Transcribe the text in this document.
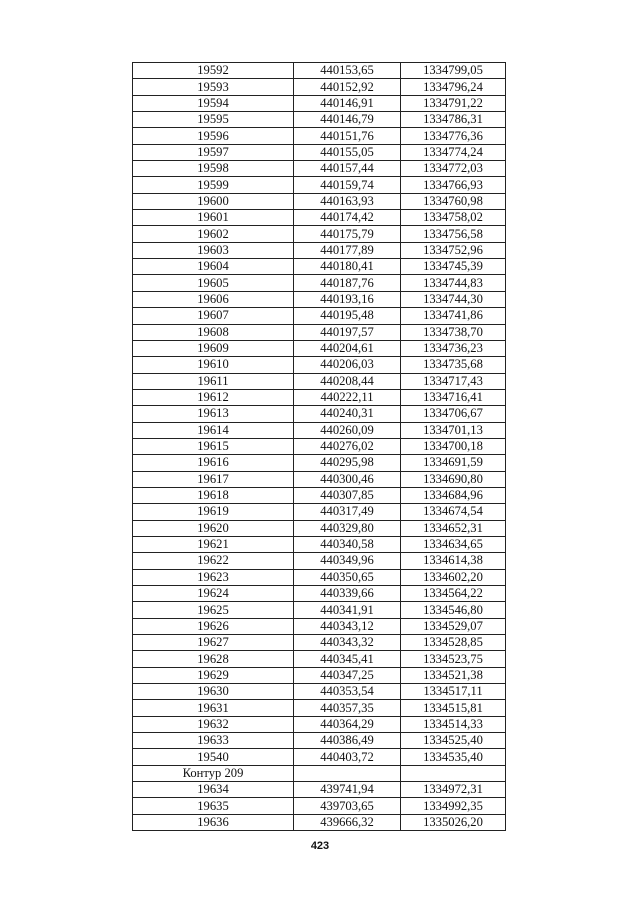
19592	440153,65	1334799,05
19593	440152,92	1334796,24
19594	440146,91	1334791,22
19595	440146,79	1334786,31
19596	440151,76	1334776,36
19597	440155,05	1334774,24
19598	440157,44	1334772,03
19599	440159,74	1334766,93
19600	440163,93	1334760,98
19601	440174,42	1334758,02
19602	440175,79	1334756,58
19603	440177,89	1334752,96
19604	440180,41	1334745,39
19605	440187,76	1334744,83
19606	440193,16	1334744,30
19607	440195,48	1334741,86
19608	440197,57	1334738,70
19609	440204,61	1334736,23
19610	440206,03	1334735,68
19611	440208,44	1334717,43
19612	440222,11	1334716,41
19613	440240,31	1334706,67
19614	440260,09	1334701,13
19615	440276,02	1334700,18
19616	440295,98	1334691,59
19617	440300,46	1334690,80
19618	440307,85	1334684,96
19619	440317,49	1334674,54
19620	440329,80	1334652,31
19621	440340,58	1334634,65
19622	440349,96	1334614,38
19623	440350,65	1334602,20
19624	440339,66	1334564,22
19625	440341,91	1334546,80
19626	440343,12	1334529,07
19627	440343,32	1334528,85
19628	440345,41	1334523,75
19629	440347,25	1334521,38
19630	440353,54	1334517,11
19631	440357,35	1334515,81
19632	440364,29	1334514,33
19633	440386,49	1334525,40
19540	440403,72	1334535,40
Контур 209		
19634	439741,94	1334972,31
19635	439703,65	1334992,35
19636	439666,32	1335026,20
423
